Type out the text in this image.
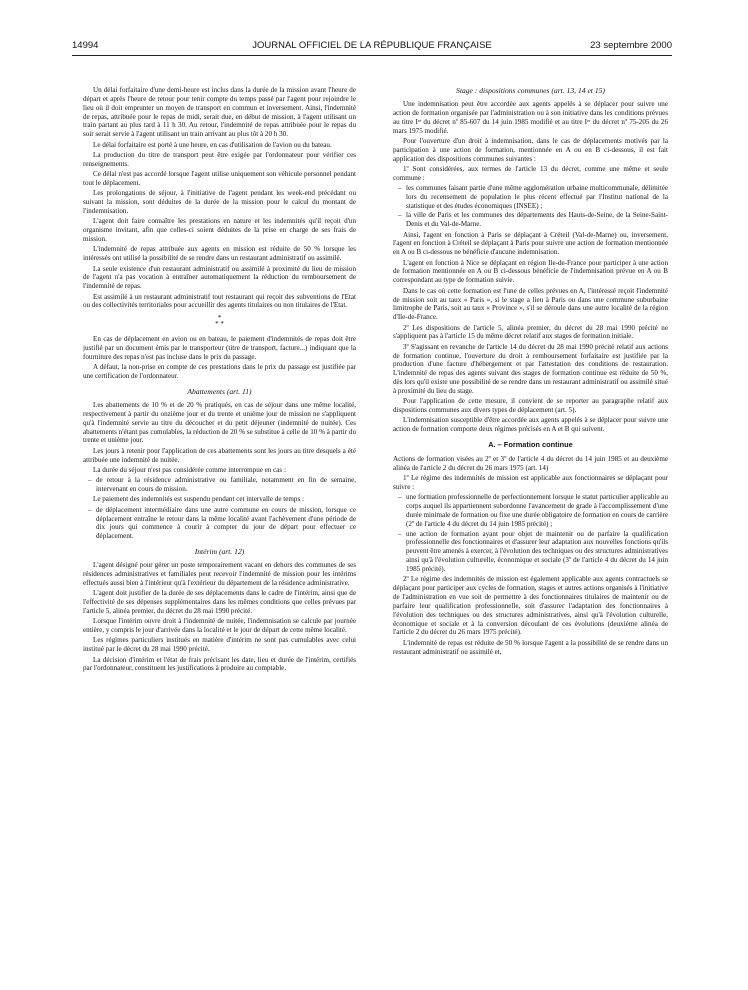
14994	JOURNAL OFFICIEL DE LA RÉPUBLIQUE FRANÇAISE	23 septembre 2000

Un délai forfaitaire d'une demi-heure est inclus dans la durée de la mission avant l'heure de départ et après l'heure de retour pour tenir compte du temps passé par l'agent pour rejoindre le lieu où il doit emprunter un moyen de transport en commun et inversement. Ainsi, l'indemnité de repas, attribuée pour le repas de midi, serait due, en début de mission, à l'agent utilisant un train partant au plus tard à 11 h 30. Au retour, l'indemnité de repas attribuée pour le repas du soir serait servie à l'agent utilisant un train arrivant au plus tôt à 20 h 30.

Le délai forfaitaire est porté à une heure, en cas d'utilisation de l'avion ou du bateau.

La production du titre de transport peut être exigée par l'ordonnateur pour vérifier ces renseignements.

Ce délai n'est pas accordé lorsque l'agent utilise uniquement son véhicule personnel pendant tout le déplacement.

Les prolongations de séjour, à l'initiative de l'agent pendant les week-end précédant ou suivant la mission, sont déduites de la durée de la mission pour le calcul du montant de l'indemnisation.

L'agent doit faire connaître les prestations en nature et les indemnités qu'il reçoit d'un organisme invitant, afin que celles-ci soient déduites de la prise en charge de ses frais de mission.

L'indemnité de repas attribuée aux agents en mission est réduite de 50 % lorsque les intéressés ont utilisé la possibilité de se rendre dans un restaurant administratif ou assimilé.

La seule existence d'un restaurant administratif ou assimilé à proximité du lieu de mission de l'agent n'a pas vocation à entraîner automatiquement la réduction du remboursement de l'indemnité de repas.

Est assimilé à un restaurant administratif tout restaurant qui reçoit des subventions de l'Etat ou des collectivités territoriales pour accueillir des agents titulaires ou non titulaires de l'Etat.

*
* *

En cas de déplacement en avion ou en bateau, le paiement d'indemnités de repas doit être justifié par un document émis par le transporteur (titre de transport, facture...) indiquant que la fourniture des repas n'est pas incluse dans le prix du passage.

A défaut, la non-prise en compte de ces prestations dans le prix du passage est justifiée par une certification de l'ordonnateur.

Abattements (art. 11)

Les abattements de 10 % et de 20 % pratiqués, en cas de séjour dans une même localité, respectivement à partir du onzième jour et du trente et unième jour de mission ne s'appliquent qu'à l'indemnité servie au titre du découcher et du petit déjeuner (indemnité de nuitée). Ces abattements n'étant pas cumulables, la réduction de 20 % se substitue à celle de 10 % à partir du trente et unième jour.

Les jours à retenir pour l'application de ces abattements sont les jours au titre desquels a été attribuée une indemnité de nuitée.

La durée du séjour n'est pas considérée comme interrompue en cas :

– de retour à la résidence administrative ou familiale, notamment en fin de semaine, intervenant en cours de mission.

Le paiement des indemnités est suspendu pendant cet intervalle de temps :

– de déplacement intermédiaire dans une autre commune en cours de mission, lorsque ce déplacement entraîne le retour dans la même localité avant l'achèvement d'une période de dix jours qui commence à courir à compter du jour de départ pour effectuer ce déplacement.
Intérim (art. 12)

L'agent désigné pour gérer un poste temporairement vacant en dehors des communes de ses résidences administratives et familiales peut recevoir l'indemnité de mission pour les intérims effectués aussi bien à l'intérieur qu'à l'extérieur du département de la résidence administrative.

L'agent doit justifier de la durée de ses déplacements dans le cadre de l'intérim, ainsi que de l'effectivité de ses dépenses supplémentaires dans les mêmes conditions que celles prévues par l'article 5, alinéa premier, du décret du 28 mai 1990 précité.

Lorsque l'intérim ouvre droit à l'indemnité de nuitée, l'indemnisation se calcule par journée entière, y compris le jour d'arrivée dans la localité et le jour de départ de cette même localité.

Les régimes particuliers institués en matière d'intérim ne sont pas cumulables avec celui institué par le décret du 28 mai 1990 précité.

La décision d'intérim et l'état de frais précisant les date, lieu et durée de l'intérim, certifiés par l'ordonnateur, constituent les justifications à produire au comptable.

Stage : dispositions communes (art. 13, 14 et 15)

Une indemnisation peut être accordée aux agents appelés à se déplacer pour suivre une action de formation organisée par l'administration ou à son initiative dans les conditions prévues au titre Iᵉʳ du décret nº 85-607 du 14 juin 1985 modifié et au titre Iᵉʳ du décret nº 75-205 du 26 mars 1975 modifié.

Pour l'ouverture d'un droit à indemnisation, dans le cas de déplacements motivés par la participation à une action de formation, mentionnée en A ou en B ci-dessous, il est fait application des dispositions communes suivantes :

1º Sont considérées, aux termes de l'article 13 du décret, comme une même et seule commune :

– les communes faisant partie d'une même agglomération urbaine multicommunale, délimitée lors du recensement de population le plus récent effectué par l'Institut national de la statistique et des études économiques (INSEE) ;
– la ville de Paris et les communes des départements des Hauts-de-Seine, de la Seine-Saint-Denis et du Val-de-Marne.

Ainsi, l'agent en fonction à Paris se déplaçant à Créteil (Val-de-Marne) ou, inversement, l'agent en fonction à Créteil se déplaçant à Paris pour suivre une action de formation mentionnée en A ou B ci-dessous ne bénéficie d'aucune indemnisation.

L'agent en fonction à Nice se déplaçant en région Ile-de-France pour participer à une action de formation mentionnée en A ou B ci-dessous bénéficie de l'indemnisation prévue en A ou B correspondant au type de formation suivie.

Dans le cas où cette formation est l'une de celles prévues en A, l'intéressé reçoit l'indemnité de mission soit au taux « Paris », si le stage a lieu à Paris ou dans une commune suburbaine limitrophe de Paris, soit au taux « Province », s'il se déroule dans une autre localité de la région d'Ile-de-France.

2º Les dispositions de l'article 5, alinéa premier, du décret du 28 mai 1990 précité ne s'appliquent pas à l'article 15 du même décret relatif aux stages de formation initiale.

3º S'agissant en revanche de l'article 14 du décret du 28 mai 1990 précité relatif aux actions de formation continue, l'ouverture du droit à remboursement forfaitaire est justifiée par la production d'une facture d'hébergement et par l'attestation des conditions de restauration. L'indemnité de repas des agents suivant des stages de formation continue est réduite de 50 %, dès lors qu'il existe une possibilité de se rendre dans un restaurant administratif ou assimilé situé à proximité du lieu du stage.

Pour l'application de cette mesure, il convient de se reporter au paragraphe relatif aux dispositions communes aux divers types de déplacement (art. 5).

L'indemnisation susceptible d'être accordée aux agents appelés à se déplacer pour suivre une action de formation comporte deux régimes précisés en A et B qui suivent.

A. – Formation continue

Actions de formation visées au 2º et 3º de l'article 4 du décret du 14 juin 1985 et au deuxième alinéa de l'article 2 du décret du 26 mars 1975 (art. 14)

1º Le régime des indemnités de mission est applicable aux fonctionnaires se déplaçant pour suivre :

– une formation professionnelle de perfectionnement lorsque le statut particulier applicable au corps auquel ils appartiennent subordonne l'avancement de grade à l'accomplissement d'une durée minimale de formation ou fixe une durée obligatoire de formation en cours de carrière (2º de l'article 4 du décret du 14 juin 1985 précité) ;
– une action de formation ayant pour objet de maintenir ou de parfaire la qualification professionnelle des fonctionnaires et d'assurer leur adaptation aux nouvelles fonctions qu'ils peuvent être amenés à exercer, à l'évolution des techniques ou des structures administratives ainsi qu'à l'évolution culturelle, économique et sociale (3º de l'article 4 du décret du 14 juin 1985 précité).

2º Le régime des indemnités de mission est également applicable aux agents contractuels se déplaçant pour participer aux cycles de formation, stages et autres actions organisés à l'initiative de l'administration en vue soit de permettre à des fonctionnaires titulaires de maintenir ou de parfaire leur qualification professionnelle, soit d'assurer l'adaptation des fonctionnaires à l'évolution des techniques ou des structures administratives, ainsi qu'à l'évolution culturelle, économique et sociale et à la conversion découlant de ces évolutions (deuxième alinéa de l'article 2 du décret du 26 mars 1975 précité).

L'indemnité de repas est réduite de 50 % lorsque l'agent a la possibilité de se rendre dans un restaurant administratif ou assimilé et,
